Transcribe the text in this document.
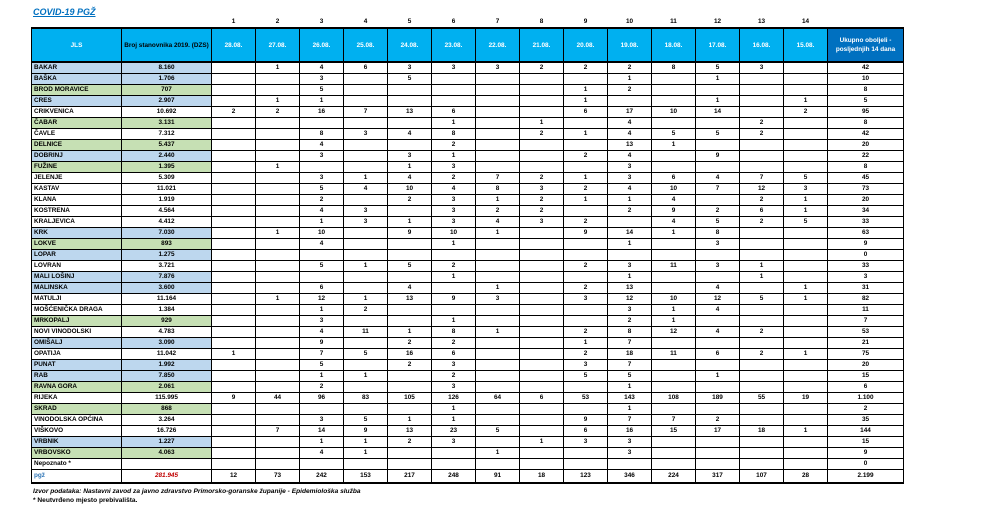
COVID-19 PGŽ
		1	2	3	4	5	6	7	8	9	10	11	12	13	14	
JLS	Broj stanovnika 2019. (DZS)	28.08.	27.08.	26.08.	25.08.	24.08.	23.08.	22.08.	21.08.	20.08.	19.08.	18.08.	17.08.	16.08.	15.08.	Ukupno oboljeli - posljednjih 14 dana
BAKAR	8.160		1	4	6	3	3	3	2	2	2	8	5	3		42
BAŠKA	1.706			3		5					1		1			10
BROD MORAVICE	707			5						1	2					8
CRES	2.907		1	1						1			1		1	5
CRIKVENICA	10.692	2	2	16	7	13	6			6	17	10	14		2	95
ČABAR	3.131						1		1		4			2		8
ČAVLE	7.312			8	3	4	8		2	1	4	5	5	2		42
DELNICE	5.437			4			2				13	1				20
DOBRINJ	2.440			3		3	1			2	4		9			22
FUŽINE	1.395		1			1	3				3					8
JELENJE	5.309			3	1	4	2	7	2	1	3	6	4	7	5	45
KASTAV	11.021			5	4	10	4	8	3	2	4	10	7	12	3	73
KLANA	1.919			2		2	3	1	2	1	1	4		2	1	20
KOSTRENA	4.564			4	3		3	2	2		2	9	2	6	1	34
KRALJEVICA	4.412			1	3	1	3	4	3	2		4	5	2	5	33
KRK	7.030		1	10		9	10	1		9	14	1	8			63
LOKVE	893			4			1				1		3			9
LOPAR	1.275															0
LOVRAN	3.721			5	1	5	2			2	3	11	3	1		33
MALI LOŠINJ	7.876						1				1			1		3
MALINSKA	3.600			6		4		1		2	13		4		1	31
MATULJI	11.164		1	12	1	13	9	3		3	12	10	12	5	1	82
MOŠĆENIČKA DRAGA	1.384			1	2						3	1	4			11
MRKOPALJ	929			3			1				2	1				7
NOVI VINODOLSKI	4.783			4	11	1	8	1		2	8	12	4	2		53
OMIŠALJ	3.090			9		2	2			1	7					21
OPATIJA	11.042	1		7	5	16	6			2	18	11	6	2	1	75
PUNAT	1.992			5		2	3			3	7					20
RAB	7.850			1	1		2			5	5		1			15
RAVNA GORA	2.061			2			3				1					6
RIJEKA	115.995	9	44	96	83	105	126	64	6	53	143	108	189	55	19	1.100
SKRAD	868						1				1					2
VINODOLSKA OPĆINA	3.264			3	5	1	1			9	7	7	2			35
VIŠKOVO	16.726		7	14	9	13	23	5		6	16	15	17	18	1	144
VRBNIK	1.227			1	1	2	3		1	3	3					15
VRBOVSKO	4.063			4	1			1			3					9
Nepoznato *																0
pgž	281.945	12	73	242	153	217	248	91	18	123	346	224	317	107	28	2.199
Izvor podataka: Nastavni zavod za javno zdravstvo Primorsko-goranske županije - Epidemiološka služba
* Neutvrđeno mjesto prebivališta.
